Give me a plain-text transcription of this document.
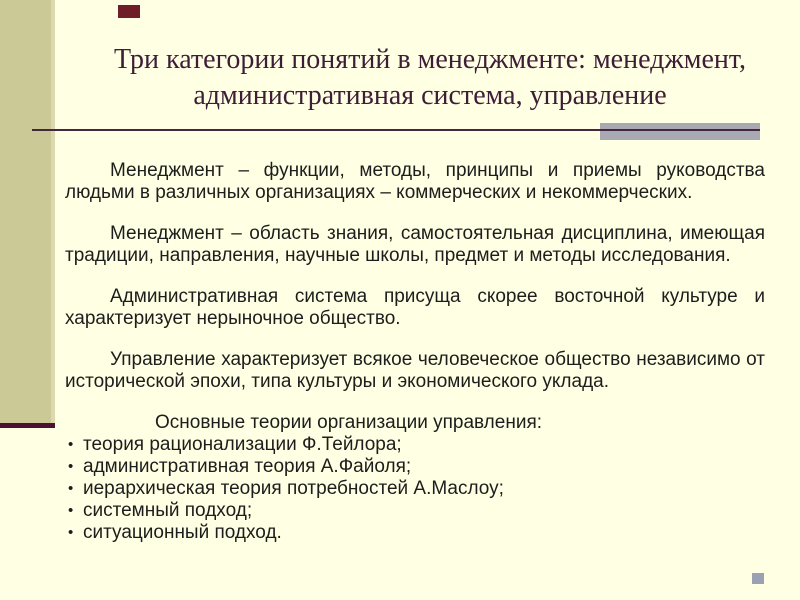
Три категории понятий в менеджменте: менеджмент,
административная система, управление

Менеджмент – функции, методы, принципы и приемы руководства людьми в различных организациях – коммерческих и некоммерческих.

Менеджмент – область знания, самостоятельная дисциплина, имеющая традиции, направления, научные школы, предмет и методы исследования.

Административная система присуща скорее восточной культуре и характеризует нерыночное общество.

Управление характеризует всякое человеческое общество независимо от исторической эпохи, типа культуры и экономического уклада.

Основные теории организации управления:

• теория рационализации Ф.Тейлора;
• административная теория А.Файоля;
• иерархическая теория потребностей А.Маслоу;
• системный подход;
• ситуационный подход.
